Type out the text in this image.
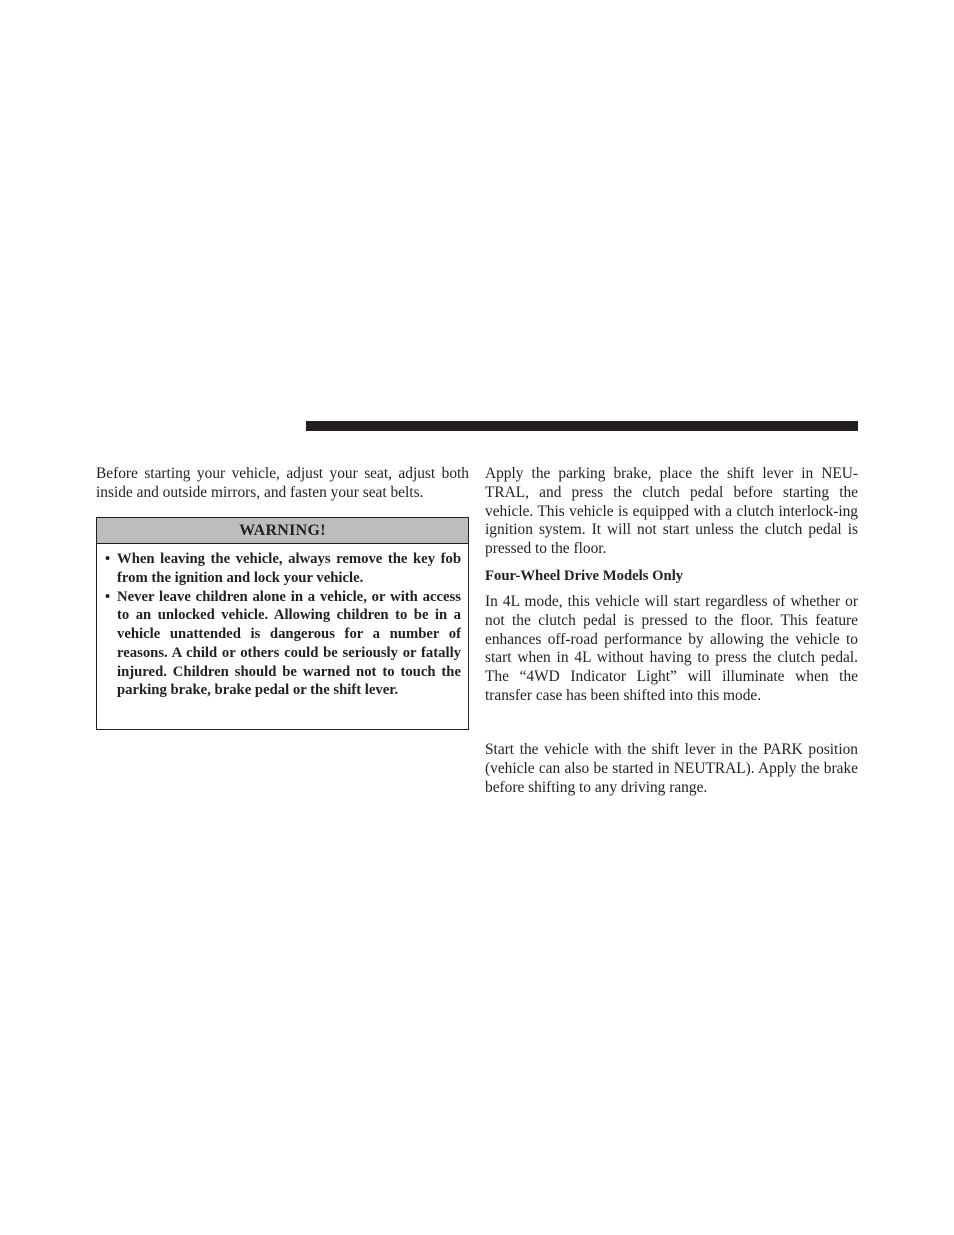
Before starting your vehicle, adjust your seat, adjust both inside and outside mirrors, and fasten your seat belts.

WARNING!
• When leaving the vehicle, always remove the key fob from the ignition and lock your vehicle.
• Never leave children alone in a vehicle, or with access to an unlocked vehicle. Allowing children to be in a vehicle unattended is dangerous for a number of reasons. A child or others could be seriously or fatally injured. Children should be warned not to touch the parking brake, brake pedal or the shift lever.

Apply the parking brake, place the shift lever in NEU-TRAL, and press the clutch pedal before starting the vehicle. This vehicle is equipped with a clutch interlock-ing ignition system. It will not start unless the clutch pedal is pressed to the floor.

Four-Wheel Drive Models Only

In 4L mode, this vehicle will start regardless of whether or not the clutch pedal is pressed to the floor. This feature enhances off-road performance by allowing the vehicle to start when in 4L without having to press the clutch pedal. The “4WD Indicator Light” will illuminate when the transfer case has been shifted into this mode.

Start the vehicle with the shift lever in the PARK position (vehicle can also be started in NEUTRAL). Apply the brake before shifting to any driving range.
